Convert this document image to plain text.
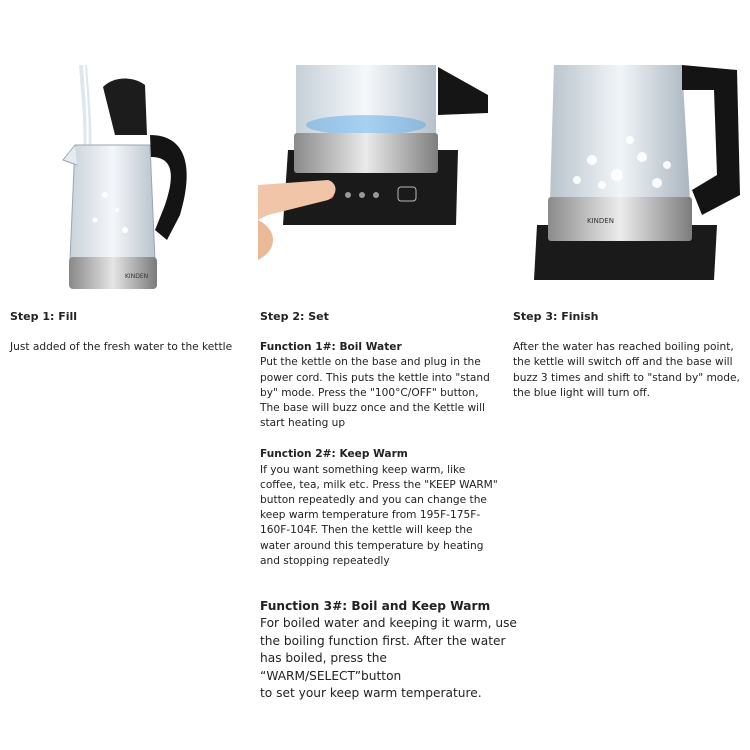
KINDEN
KINDEN

Step 1: Fill

Just added of the fresh water to the kettle

Step 2: Set

Function 1#: Boil Water

Put the kettle on the base and plug in the
power cord. This puts the kettle into "stand
by" mode. Press the "100°C/OFF" button,
The base will buzz once and the Kettle will
start heating up

Function 2#: Keep Warm

If you want something keep warm, like
coffee, tea, milk etc. Press the "KEEP WARM"
button repeatedly and you can change the
keep warm temperature from 195F-175F-
160F-104F. Then the kettle will keep the
water around this temperature by heating
and stopping repeatedly

Function 3#: Boil and Keep Warm

For boiled water and keeping it warm, use
the boiling function first. After the water
has boiled, press the “WARM/SELECT”button
to set your keep warm temperature.

Step 3: Finish

After the water has reached boiling point,
the kettle will switch off and the base will
buzz 3 times and shift to "stand by" mode,
the blue light will turn off.
